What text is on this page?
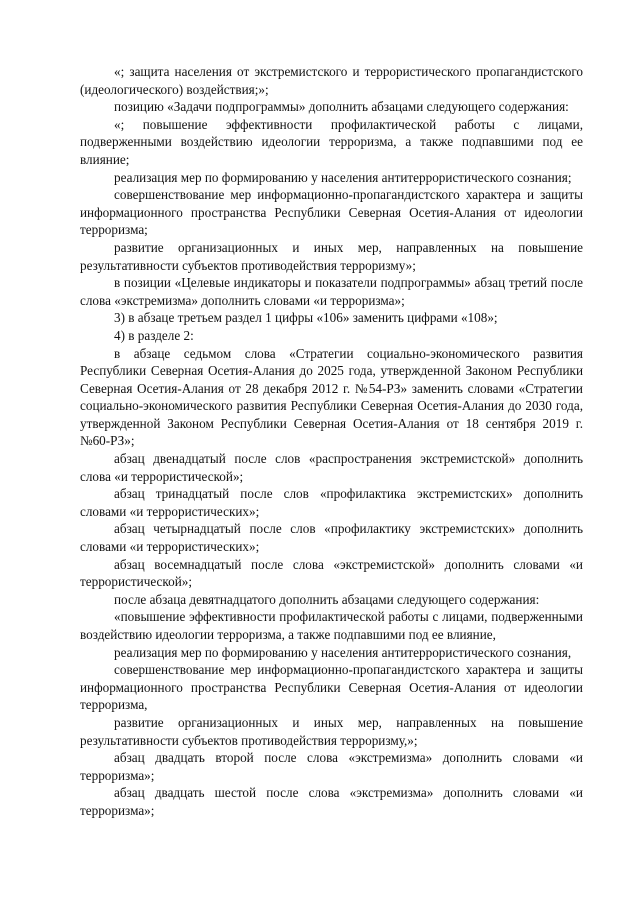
«; защита населения от экстремистского и террористического пропагандистского (идеологического) воздействия;»;

позицию «Задачи подпрограммы» дополнить абзацами следующего содержания:

«; повышение эффективности профилактической работы с лицами, подверженными воздействию идеологии терроризма, а также подпавшими под ее влияние;

реализация мер по формированию у населения антитеррористического сознания;

совершенствование мер информационно-пропагандистского характера и защиты информационного пространства Республики Северная Осетия-Алания от идеологии терроризма;

развитие организационных и иных мер, направленных на повышение результативности субъектов противодействия терроризму»;

в позиции «Целевые индикаторы и показатели подпрограммы» абзац третий после слова «экстремизма» дополнить словами «и терроризма»;

3) в абзаце третьем раздел 1 цифры «106» заменить цифрами «108»;

4) в разделе 2:

в абзаце седьмом слова «Стратегии социально-экономического развития Республики Северная Осетия-Алания до 2025 года, утвержденной Законом Республики Северная Осетия-Алания от 28 декабря 2012 г. №54-РЗ» заменить словами «Стратегии социально-экономического развития Республики Северная Осетия-Алания до 2030 года, утвержденной Законом Республики Северная Осетия-Алания от 18 сентября 2019 г. №60-РЗ»;

абзац двенадцатый после слов «распространения экстремистской» дополнить слова «и террористической»;

абзац тринадцатый после слов «профилактика экстремистских» дополнить словами «и террористических»;

абзац четырнадцатый после слов «профилактику экстремистских» дополнить словами «и террористических»;

абзац восемнадцатый после слова «экстремистской» дополнить словами «и террористической»;

после абзаца девятнадцатого дополнить абзацами следующего содержания:

«повышение эффективности профилактической работы с лицами, подверженными воздействию идеологии терроризма, а также подпавшими под ее влияние,

реализация мер по формированию у населения антитеррористического сознания,

совершенствование мер информационно-пропагандистского характера и защиты информационного пространства Республики Северная Осетия-Алания от идеологии терроризма,

развитие организационных и иных мер, направленных на повышение результативности субъектов противодействия терроризму,»;

абзац двадцать второй после слова «экстремизма» дополнить словами «и терроризма»;

абзац двадцать шестой после слова «экстремизма» дополнить словами «и терроризма»;
